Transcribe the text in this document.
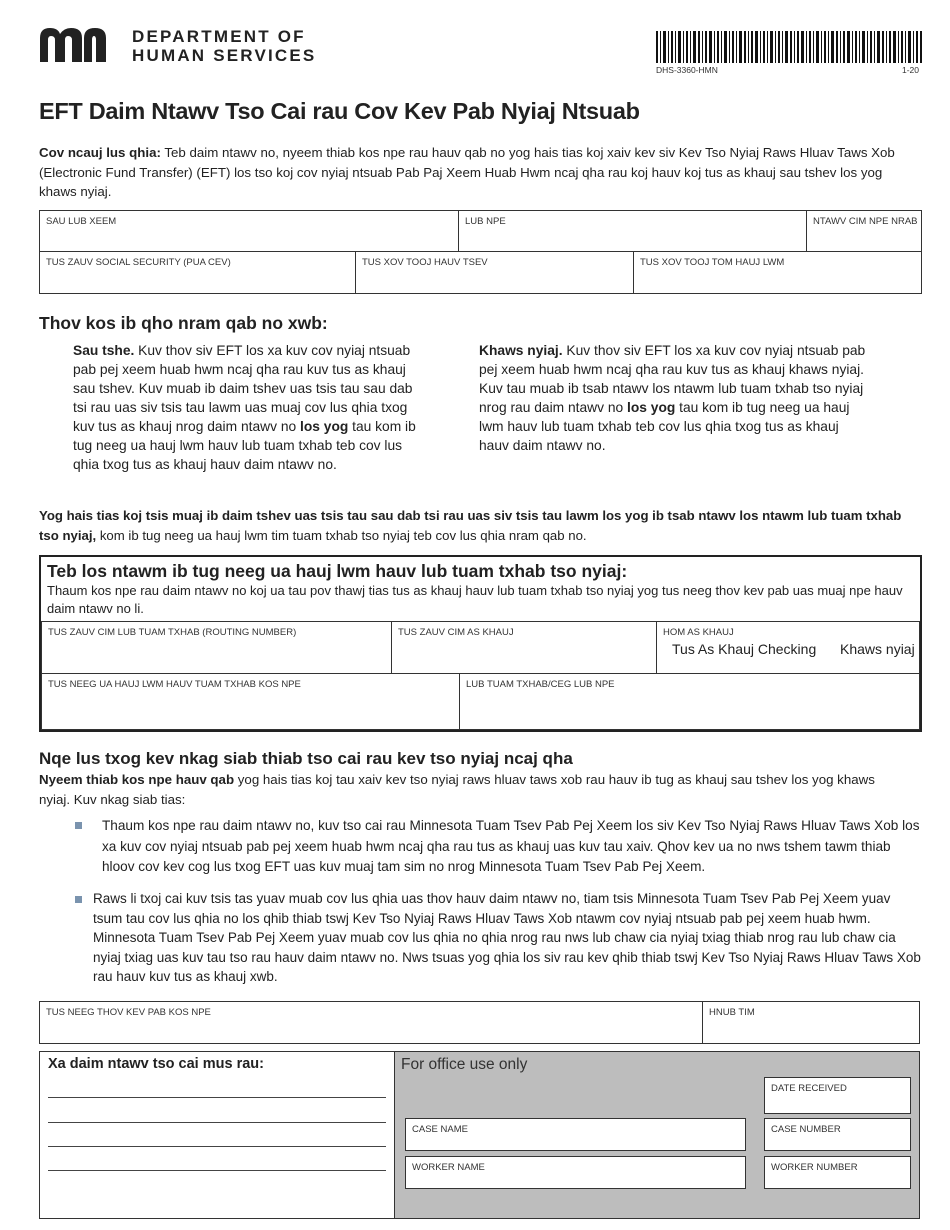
DEPARTMENT OF
HUMAN SERVICES
DHS-3360-HMN	1-20
EFT Daim Ntawv Tso Cai rau Cov Kev Pab Nyiaj Ntsuab
Cov ncauj lus qhia: Teb daim ntawv no, nyeem thiab kos npe rau hauv qab no yog hais tias koj xaiv kev siv Kev Tso Nyiaj Raws Hluav Taws Xob (Electronic Fund Transfer) (EFT) los tso koj cov nyiaj ntsuab Pab Paj Xeem Huab Hwm ncaj qha rau koj hauv koj tus as khauj sau tshev los yog khaws nyiaj.
SAU LUB XEEM	LUB NPE	NTAWV CIM NPE NRAB
TUS ZAUV SOCIAL SECURITY (PUA CEV)	TUS XOV TOOJ HAUV TSEV	TUS XOV TOOJ TOM HAUJ LWM
Thov kos ib qho nram qab no xwb:
Sau tshe. Kuv thov siv EFT los xa kuv cov nyiaj ntsuab pab pej xeem huab hwm ncaj qha rau kuv tus as khauj sau tshev. Kuv muab ib daim tshev uas tsis tau sau dab tsi rau uas siv tsis tau lawm uas muaj cov lus qhia txog kuv tus as khauj nrog daim ntawv no los yog tau kom ib tug neeg ua hauj lwm hauv lub tuam txhab teb cov lus qhia txog tus as khauj hauv daim ntawv no.
Khaws nyiaj. Kuv thov siv EFT los xa kuv cov nyiaj ntsuab pab pej xeem huab hwm ncaj qha rau kuv tus as khauj khaws nyiaj. Kuv tau muab ib tsab ntawv los ntawm lub tuam txhab tso nyiaj nrog rau daim ntawv no los yog tau kom ib tug neeg ua hauj lwm hauv lub tuam txhab teb cov lus qhia txog tus as khauj hauv daim ntawv no.
Yog hais tias koj tsis muaj ib daim tshev uas tsis tau sau dab tsi rau uas siv tsis tau lawm los yog ib tsab ntawv los ntawm lub tuam txhab tso nyiaj, kom ib tug neeg ua hauj lwm tim tuam txhab tso nyiaj teb cov lus qhia nram qab no.
Teb los ntawm ib tug neeg ua hauj lwm hauv lub tuam txhab tso nyiaj:
Thaum kos npe rau daim ntawv no koj ua tau pov thawj tias tus as khauj hauv lub tuam txhab tso nyiaj yog tus neeg thov kev pab uas muaj npe hauv daim ntawv no li.
TUS ZAUV CIM LUB TUAM TXHAB (ROUTING NUMBER)	TUS ZAUV CIM AS KHAUJ	HOM AS KHAUJ
Tus As Khauj Checking Khaws nyiaj
TUS NEEG UA HAUJ LWM HAUV TUAM TXHAB KOS NPE	LUB TUAM TXHAB/CEG LUB NPE
Nqe lus txog kev nkag siab thiab tso cai rau kev tso nyiaj ncaj qha
Nyeem thiab kos npe hauv qab yog hais tias koj tau xaiv kev tso nyiaj raws hluav taws xob rau hauv ib tug as khauj sau tshev los yog khaws nyiaj. Kuv nkag siab tias:
Thaum kos npe rau daim ntawv no, kuv tso cai rau Minnesota Tuam Tsev Pab Pej Xeem los siv Kev Tso Nyiaj Raws Hluav Taws Xob los xa kuv cov nyiaj ntsuab pab pej xeem huab hwm ncaj qha rau tus as khauj uas kuv tau xaiv. Qhov kev ua no nws tshem tawm thiab hloov cov kev cog lus txog EFT uas kuv muaj tam sim no nrog Minnesota Tuam Tsev Pab Pej Xeem.
Raws li txoj cai kuv tsis tas yuav muab cov lus qhia uas thov hauv daim ntawv no, tiam tsis Minnesota Tuam Tsev Pab Pej Xeem yuav tsum tau cov lus qhia no los qhib thiab tswj Kev Tso Nyiaj Raws Hluav Taws Xob ntawm cov nyiaj ntsuab pab pej xeem huab hwm. Minnesota Tuam Tsev Pab Pej Xeem yuav muab cov lus qhia no qhia nrog rau nws lub chaw cia nyiaj txiag thiab nrog rau lub chaw cia nyiaj txiag uas kuv tau tso rau hauv daim ntawv no. Nws tsuas yog qhia los siv rau kev qhib thiab tswj Kev Tso Nyiaj Raws Hluav Taws Xob rau hauv kuv tus as khauj xwb.
TUS NEEG THOV KEV PAB KOS NPE	HNUB TIM
Xa daim ntawv tso cai mus rau:	For office use only
DATE RECEIVED
CASE NAME	CASE NUMBER
WORKER NAME	WORKER NUMBER
